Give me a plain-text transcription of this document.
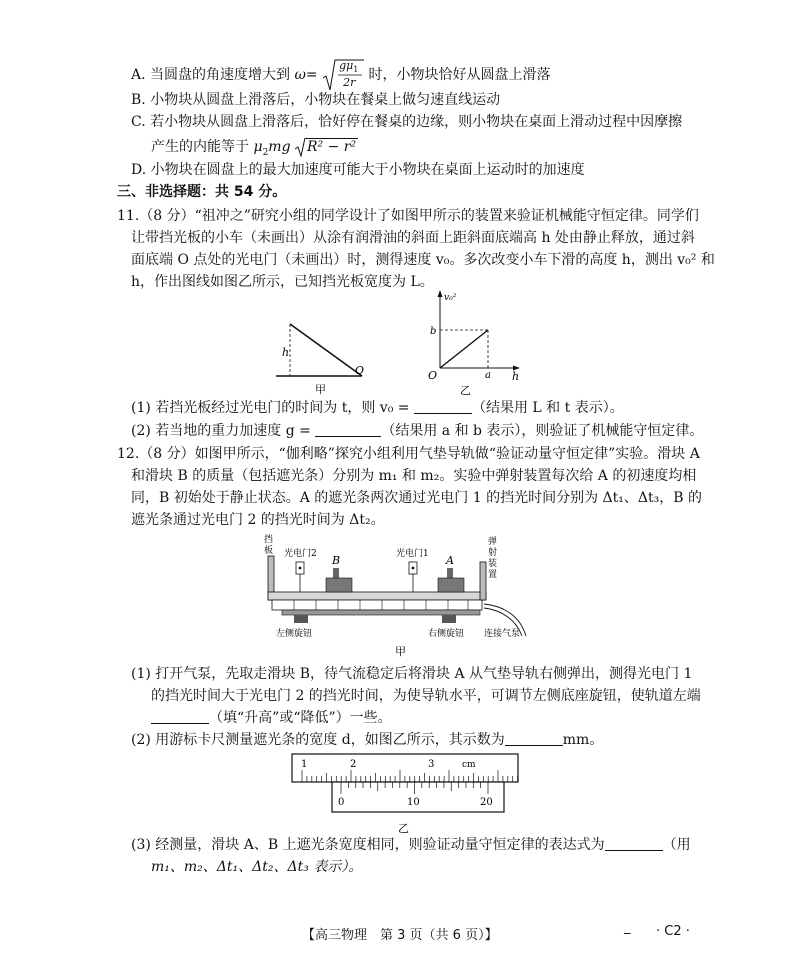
A. 当圆盘的角速度增大到 ω=
$g\mu_1$
2r 时，小物块恰好从圆盘上滑落
B. 小物块从圆盘上滑落后，小物块在餐桌上做匀速直线运动
C. 若小物块从圆盘上滑落后，恰好停在餐桌的边缘，则小物块在桌面上滑动过程中因摩擦
产生的内能等于 $\mu_2mg$ R² − r²
D. 小物块在圆盘上的最大加速度可能大于小物块在桌面上运动时的加速度
三、非选择题：共 54 分。
11.（8 分）“祖冲之”研究小组的同学设计了如图甲所示的装置来验证机械能守恒定律。同学们
让带挡光板的小车（未画出）从涂有润滑油的斜面上距斜面底端高 h 处由静止释放，通过斜
面底端 O 点处的光电门（未画出）时，测得速度 v₀。多次改变小车下滑的高度 h，测出 v₀² 和
h，作出图线如图乙所示，已知挡光板宽度为 L。
h
O
甲
v₀²
b
O	a h
乙
(1) 若挡光板经过光电门的时间为 t，则 v₀ =	（结果用 L 和 t 表示）。
(2) 若当地的重力加速度 g =	（结果用 a 和 b 表示），则验证了机械能守恒定律。
12.（8 分）如图甲所示，“伽利略”探究小组利用气垫导轨做“验证动量守恒定律”实验。滑块 A
和滑块 B 的质量（包括遮光条）分别为 m₁ 和 m₂。实验中弹射装置每次给 A 的初速度均相
同，B 初始处于静止状态。A 的遮光条两次通过光电门 1 的挡光时间分别为 Δt₁、Δt₃，B 的
遮光条通过光电门 2 的挡光时间为 Δt₂。
挡
板 光电门2	光电门1
B	A
弹
射
装
置
左侧旋钮	右侧旋钮 连接气泵
甲
(1) 打开气泵，先取走滑块 B，待气流稳定后将滑块 A 从气垫导轨右侧弹出，测得光电门 1
的挡光时间大于光电门 2 的挡光时间，为使导轨水平，可调节左侧底座旋钮，使轨道左端
（填“升高”或“降低”）一些。
(2) 用游标卡尺测量遮光条的宽度 d，如图乙所示，其示数为	mm。
1	2	3	cm
0	10	20
乙
(3) 经测量，滑块 A、B 上遮光条宽度相同，则验证动量守恒定律的表达式为	（用
m₁、m₂、Δt₁、Δt₂、Δt₃ 表示）。
【高三物理　第 3 页（共 6 页）】
_ · C2 ·
